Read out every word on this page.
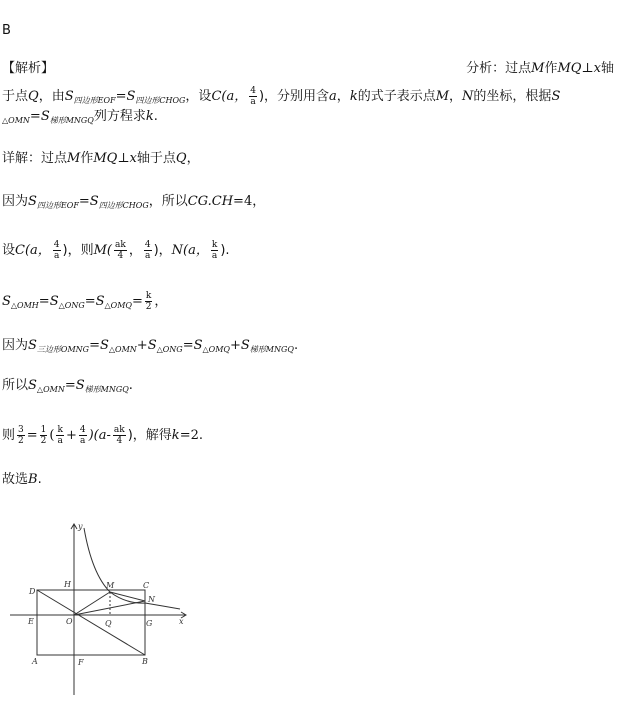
B
【解析】	分析：过点M作MQ⊥x轴
于点Q，由$S_{四边形EOF}=S_{四边形CHOG}$，设C(a， $\frac{4}{a}$ )，分别用含a，k的式子表示点M，N的坐标，根据S
$_{\triangle OMN}=S_{梯形MNGQ}$列方程求k.
详解：过点M作MQ⊥x轴于点Q，
因为$S_{四边形EOF}=S_{四边形CHOG}$，所以CG.CH=4，
设C(a， $\frac{4}{a}$ )，则$M( \frac{ak}{4}$ ， $\frac{4}{a}$ )，N(a， $\frac{k}{a}$ ).
$S_{\triangle OMH}=S_{\triangle ONG}=S_{\triangle OMQ}= \frac{k}{2}$ ，
因为$S_{三边形OMNG}=S_{\triangle OMN}+S_{\triangle ONG}=S_{\triangle OMQ}+S_{梯形MNGQ}$.
所以$S_{\triangle OMN}=S_{梯形MNGQ}$.
则 $\frac{3}{2} = \frac{1}{2}$ ( $\frac{k}{a} + \frac{4}{a} )(a- \frac{ak}{4}$ )，解得k=2.
故选B.
y
x
D
H	M	C
N
E	O	Q	G
A	F	B
